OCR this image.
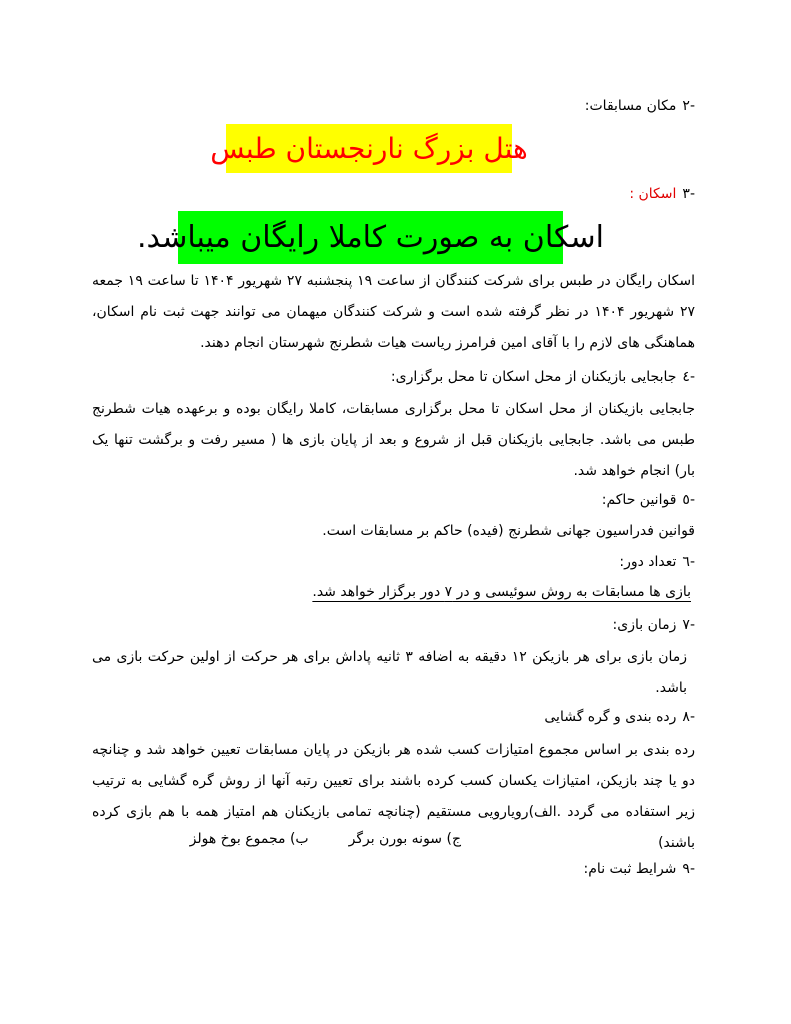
-۲مکان مسابقات:
هتل بزرگ نارنجستان طبس
-۳اسکان :
اسکان به صورت کاملا رایگان میباشد.
اسکان رایگان در طبس برای شرکت کنندگان از ساعت ۱۹ پنجشنبه ۲۷ شهریور ۱۴۰۴ تا ساعت ۱۹ جمعه ۲۷ شهریور ۱۴۰۴ در نظر گرفته شده است و شرکت کنندگان میهمان می توانند جهت ثبت نام اسکان، هماهنگی های لازم را با آقای امین فرامرز ریاست هیات شطرنج شهرستان انجام دهند.
-٤جابجایی بازیکنان از محل اسکان تا محل برگزاری:
جابجایی بازیکنان از محل اسکان تا محل برگزاری مسابقات، کاملا رایگان بوده و برعهده هیات شطرنج طبس می باشد. جابجایی بازیکنان قبل از شروع و بعد از پایان بازی ها ( مسیر رفت و برگشت تنها یک بار) انجام خواهد شد.
-٥قوانین حاکم:
قوانین فدراسیون جهانی شطرنج (فیده) حاکم بر مسابقات است.
-٦تعداد دور:
بازی ها مسابقات به روش سوئیسی و در ۷ دور برگزار خواهد شد.
-٧زمان بازی:
زمان بازی برای هر بازیکن ۱۲ دقیقه به اضافه ۳ ثانیه پاداش برای هر حرکت از اولین حرکت بازی می باشد.
-٨رده بندی و گره گشایی
رده بندی بر اساس مجموع امتیازات کسب شده هر بازیکن در پایان مسابقات تعیین خواهد شد و چنانچه دو یا چند بازیکن، امتیازات یکسان کسب کرده باشند برای تعیین رتبه آنها از روش گره گشایی به ترتیب زیر استفاده می گردد .الف)رویارویی مستقیم (چنانچه تمامی بازیکنان هم امتیاز همه با هم بازی کرده باشند)
ب) مجموع بوخ هولز	ج) سونه بورن برگر
-۹شرایط ثبت نام:
